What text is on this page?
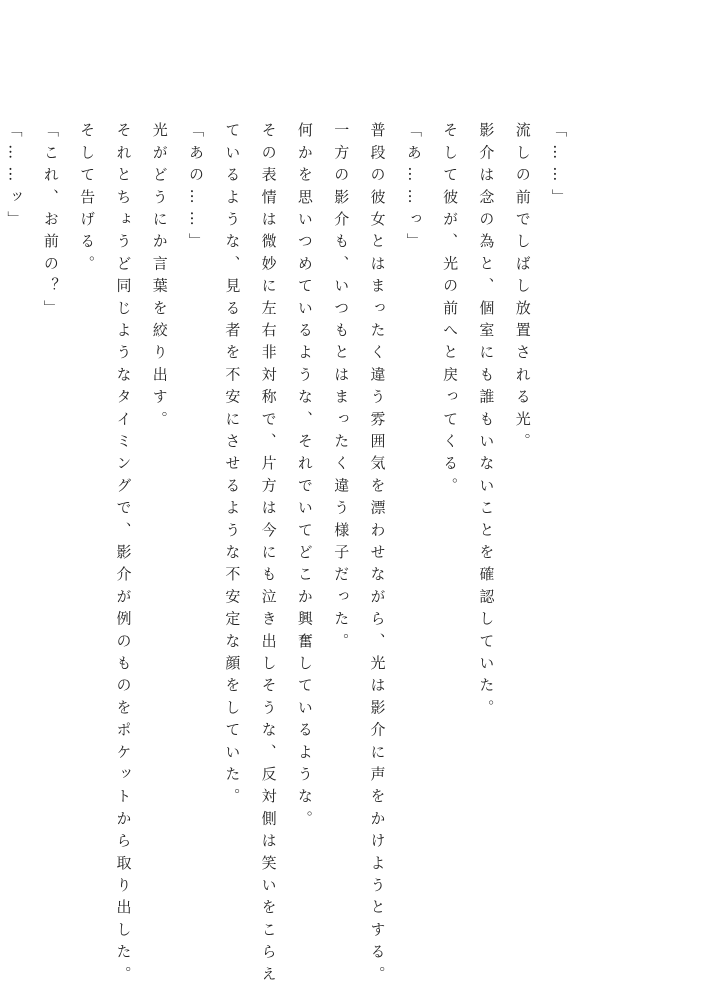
「……」
流しの前でしばし放置される光。
影介は念の為と、個室にも誰もいないことを確認していた。
そして彼が、光の前へと戻ってくる。
「あ……っ」
普段の彼女とはまったく違う雰囲気を漂わせながら、光は影介に声をかけようとする。
一方の影介も、いつもとはまったく違う様子だった。
何かを思いつめているような、それでいてどこか興奮しているような。
その表情は微妙に左右非対称で、片方は今にも泣き出しそうな、反対側は笑いをこらえ
ているような、見る者を不安にさせるような不安定な顔をしていた。
「あの……」
光がどうにか言葉を絞り出す。
それとちょうど同じようなタイミングで、影介が例のものをポケットから取り出した。
そして告げる。
「これ、お前の？」
「……ッ」
